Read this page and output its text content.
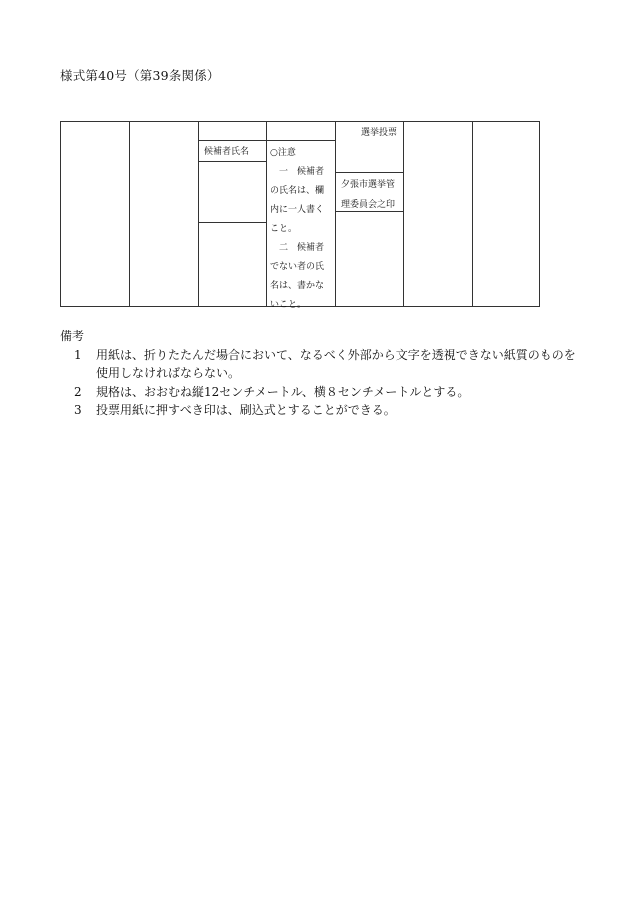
様式第40号（第39条関係）
候補者氏名 ○注意
　一　候補者
の氏名は、欄
内に一人書く
こと。
　二　候補者
でない者の氏
名は、書かな
いこと。
選挙投票
夕張市選挙管
理委員会之印
備考
1 用紙は、折りたたんだ場合において、なるべく外部から文字を透視できない紙質のものを使用しなければならない。
2 規格は、おおむね縦12センチメートル、横８センチメートルとする。
3 投票用紙に押すべき印は、刷込式とすることができる。
